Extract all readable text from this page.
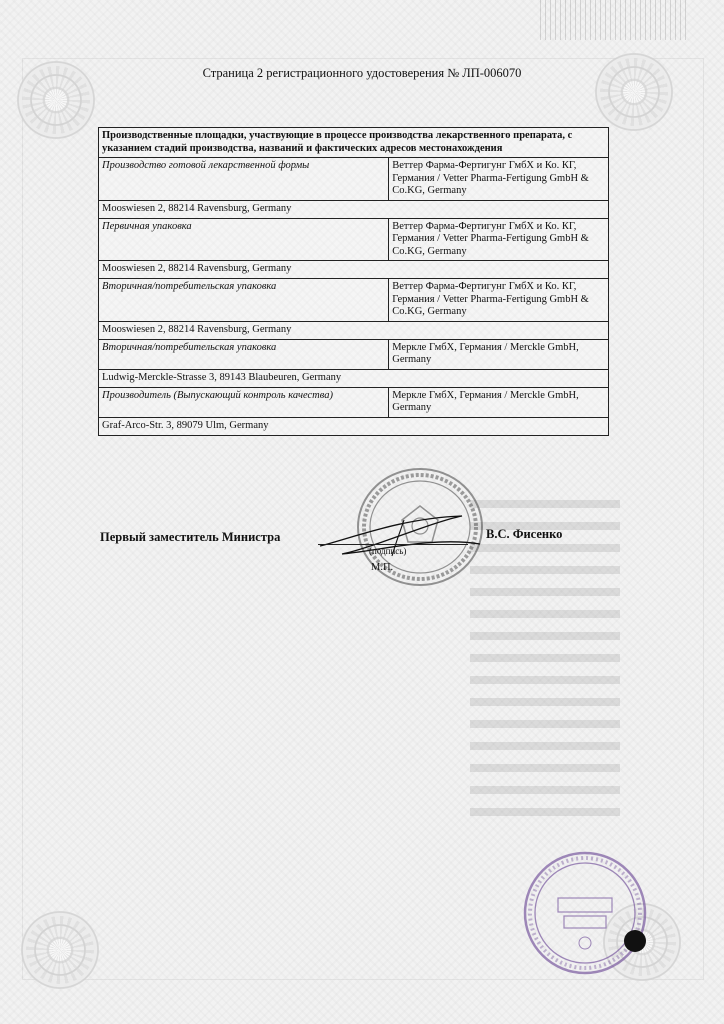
Страница 2 регистрационного удостоверения № ЛП-006070
Производственные площадки, участвующие в процессе производства лекарственного препарата, с указанием стадий производства, названий и фактических адресов местонахождения	
Производство готовой лекарственной формы	Веттер Фарма-Фертигунг ГмбХ и Ко. КГ, Германия / Vetter Pharma-Fertigung GmbH & Co.KG, Germany
Mooswiesen 2, 88214 Ravensburg, Germany	
Первичная упаковка	Веттер Фарма-Фертигунг ГмбХ и Ко. КГ, Германия / Vetter Pharma-Fertigung GmbH & Co.KG, Germany
Mooswiesen 2, 88214 Ravensburg, Germany	
Вторичная/потребительская упаковка	Веттер Фарма-Фертигунг ГмбХ и Ко. КГ, Германия / Vetter Pharma-Fertigung GmbH & Co.KG, Germany
Mooswiesen 2, 88214 Ravensburg, Germany	
Вторичная/потребительская упаковка	Меркле ГмбХ, Германия / Merckle GmbH, Germany
Ludwig-Merckle-Strasse 3, 89143 Blaubeuren, Germany	
Производитель (Выпускающий контроль качества)	Меркле ГмбХ, Германия / Merckle GmbH, Germany
Graf-Arco-Str. 3, 89079 Ulm, Germany	
Первый заместитель Министра	В.С. Фисенко
(подпись)
М.П.
